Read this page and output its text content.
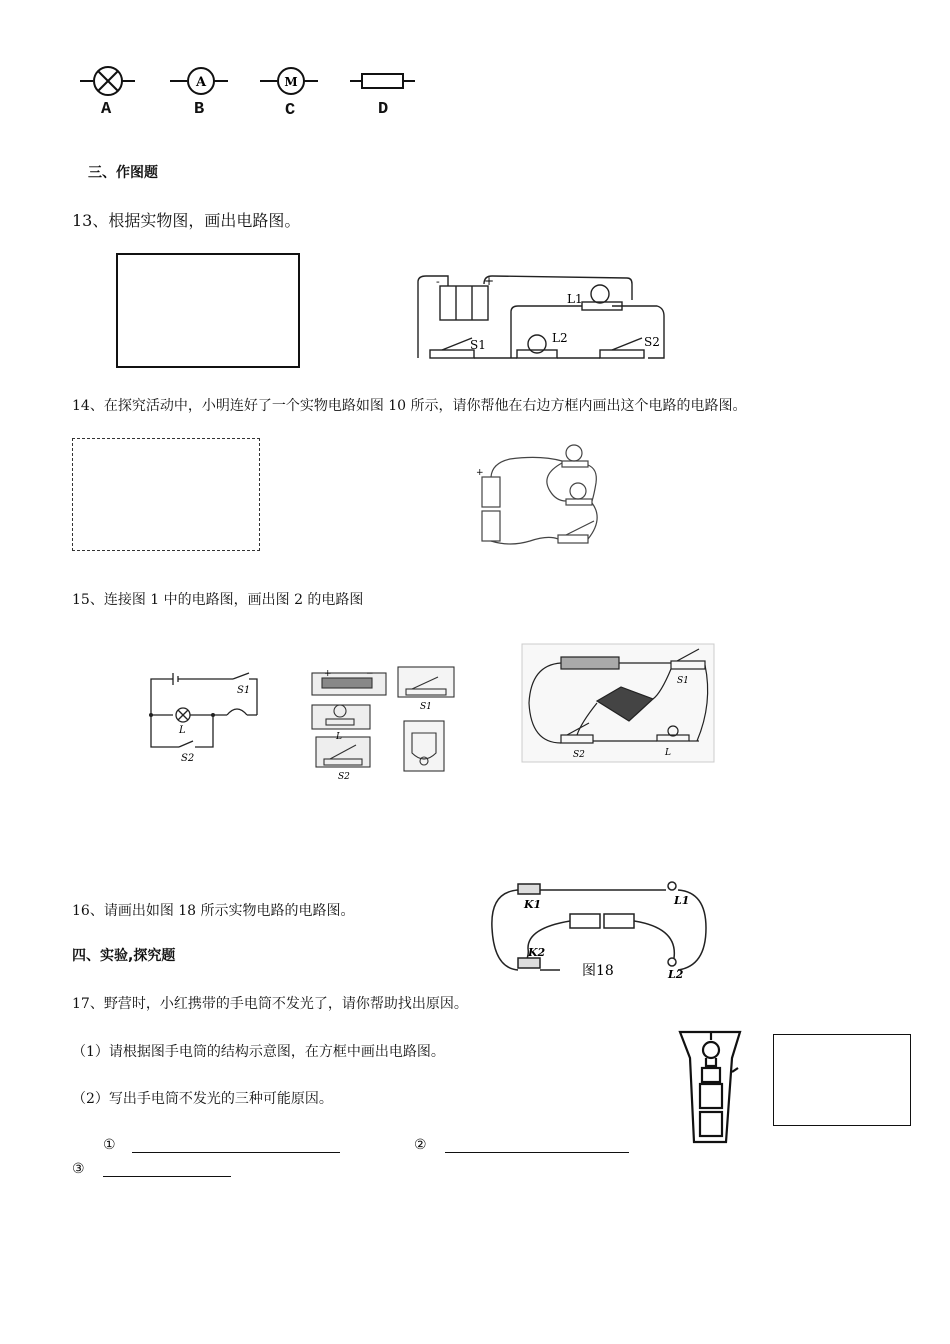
A	M
A	B	C	D
三、作图题
13、根据实物图，画出电路图。
-	+
L1
L2
S1	S2
14、在探究活动中，小明连好了一个实物电路如图 10 所示，请你帮他在右边方框内画出这个电路的电路图。
+
15、连接图 1 中的电路图，画出图 2 的电路图
S1
L
S2
+	−
S1
L
S2
S1
S2	L
16、请画出如图 18 所示实物电路的电路图。	K1	L1
K2
图18	L2
四、实验,探究题
17、野营时，小红携带的手电筒不发光了，请你帮助找出原因。
（1）请根据图手电筒的结构示意图，在方框中画出电路图。
（2）写出手电筒不发光的三种可能原因。
①	②
③
